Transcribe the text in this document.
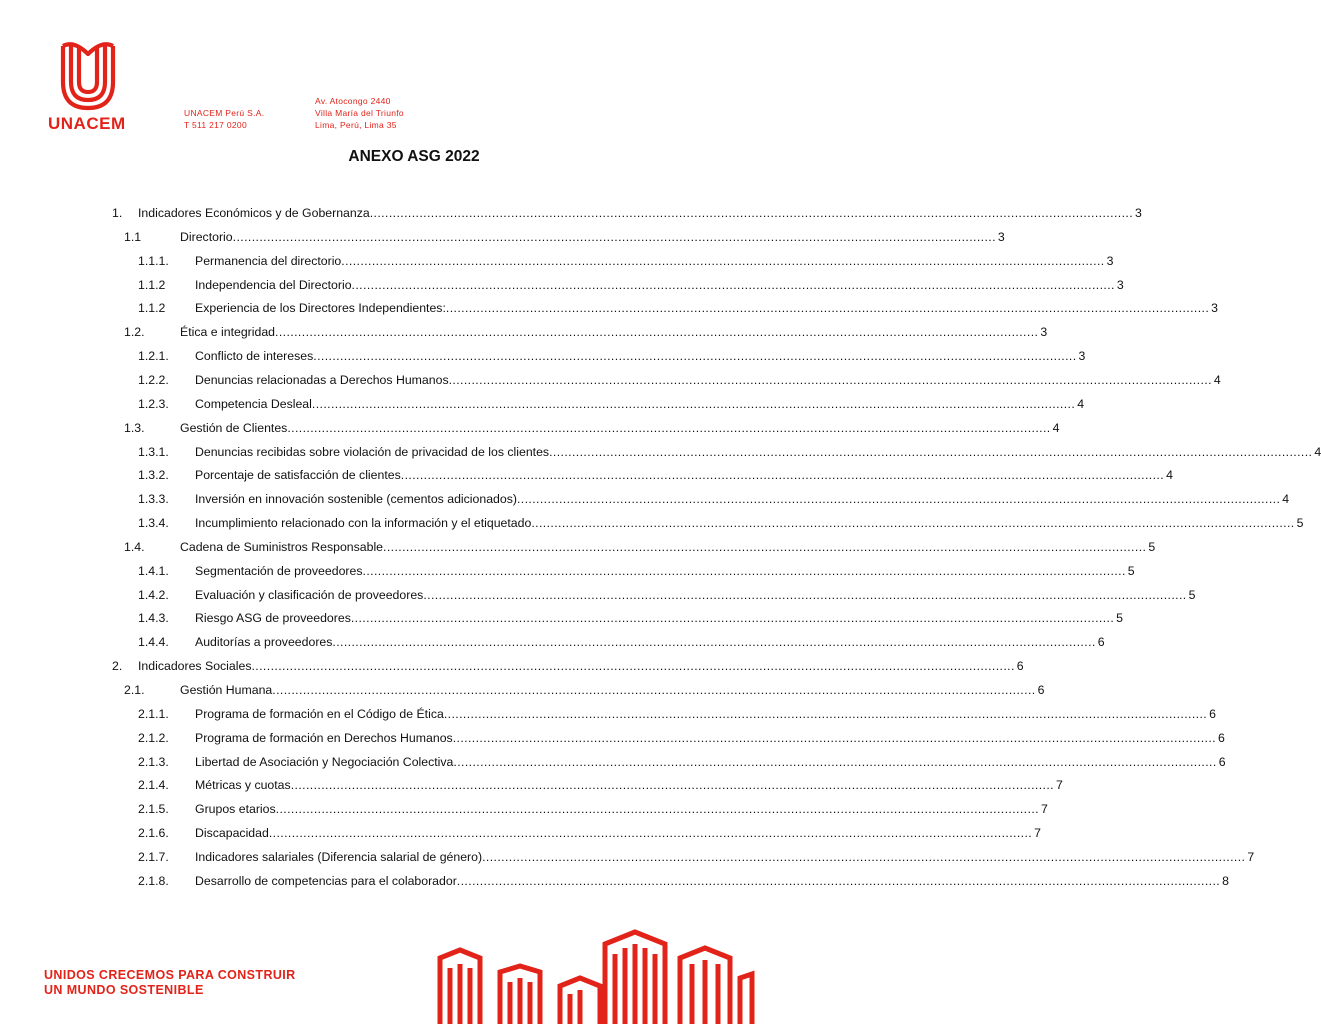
UNACEM
UNACEM Perú S.A.
T 511 217 0200
Av. Atocongo 2440
Villa María del Triunfo
Lima, Perú, Lima 35
ANEXO ASG 2022
1. Indicadores Económicos y de Gobernanza ........................................................................................................................................................................................................ 3
1.1	Directorio ........................................................................................................................................................................................................ 3
1.1.1. Permanencia del directorio ........................................................................................................................................................................................................ 3
1.1.2 Independencia del Directorio ........................................................................................................................................................................................................ 3
1.1.2 Experiencia de los Directores Independientes: ........................................................................................................................................................................................................ 3
1.2.	Ética e integridad ........................................................................................................................................................................................................ 3
1.2.1. Conflicto de intereses ........................................................................................................................................................................................................ 3
1.2.2. Denuncias relacionadas a Derechos Humanos ........................................................................................................................................................................................................ 4
1.2.3. Competencia Desleal ........................................................................................................................................................................................................ 4
1.3.	Gestión de Clientes ........................................................................................................................................................................................................ 4
1.3.1. Denuncias recibidas sobre violación de privacidad de los clientes ........................................................................................................................................................................................................ 4
1.3.2. Porcentaje de satisfacción de clientes ........................................................................................................................................................................................................ 4
1.3.3. Inversión en innovación sostenible (cementos adicionados) ........................................................................................................................................................................................................ 4
1.3.4. Incumplimiento relacionado con la información y el etiquetado ........................................................................................................................................................................................................ 5
1.4.	Cadena de Suministros Responsable ........................................................................................................................................................................................................ 5
1.4.1. Segmentación de proveedores ........................................................................................................................................................................................................ 5
1.4.2. Evaluación y clasificación de proveedores ........................................................................................................................................................................................................ 5
1.4.3. Riesgo ASG de proveedores ........................................................................................................................................................................................................ 5
1.4.4. Auditorías a proveedores ........................................................................................................................................................................................................ 6
2. Indicadores Sociales ........................................................................................................................................................................................................ 6
2.1.	Gestión Humana ........................................................................................................................................................................................................ 6
2.1.1. Programa de formación en el Código de Ética ........................................................................................................................................................................................................ 6
2.1.2. Programa de formación en Derechos Humanos ........................................................................................................................................................................................................ 6
2.1.3. Libertad de Asociación y Negociación Colectiva ........................................................................................................................................................................................................ 6
2.1.4. Métricas y cuotas ........................................................................................................................................................................................................ 7
2.1.5. Grupos etarios ........................................................................................................................................................................................................ 7
2.1.6. Discapacidad ........................................................................................................................................................................................................ 7
2.1.7. Indicadores salariales (Diferencia salarial de género) ........................................................................................................................................................................................................ 7
2.1.8. Desarrollo de competencias para el colaborador ........................................................................................................................................................................................................ 8
UNIDOS CRECEMOS PARA CONSTRUIR
UN MUNDO SOSTENIBLE
